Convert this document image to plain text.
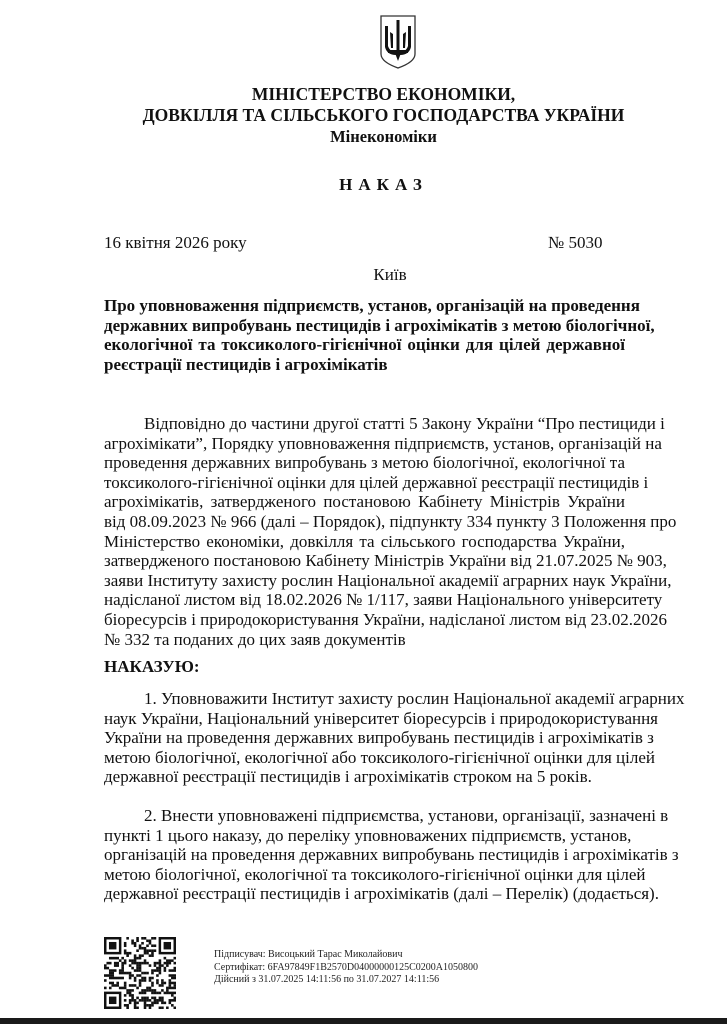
МІНІСТЕРСТВО ЕКОНОМІКИ,
ДОВКІЛЛЯ ТА СІЛЬСЬКОГО ГОСПОДАРСТВА УКРАЇНИ
Мінекономіки
НАКАЗ
16 квітня 2026 року	№ 5030
Київ
Про уповноваження підприємств, установ, організацій на проведення
державних випробувань пестицидів і агрохімікатів з метою біологічної,
екологічної та токсиколого-гігієнічної оцінки для цілей державної
реєстрації пестицидів і агрохімікатів
Відповідно до частини другої статті 5 Закону України “Про пестициди і
агрохімікати”, Порядку уповноваження підприємств, установ, організацій на
проведення державних випробувань з метою біологічної, екологічної та
токсиколого-гігієнічної оцінки для цілей державної реєстрації пестицидів і
агрохімікатів, затвердженого постановою Кабінету Міністрів України
від 08.09.2023 № 966 (далі – Порядок), підпункту 334 пункту 3 Положення про
Міністерство економіки, довкілля та сільського господарства України,
затвердженого постановою Кабінету Міністрів України від 21.07.2025 № 903,
заяви Інституту захисту рослин Національної академії аграрних наук України,
надісланої листом від 18.02.2026 № 1/117, заяви Національного університету
біоресурсів і природокористування України, надісланої листом від 23.02.2026
№ 332 та поданих до цих заяв документів
НАКАЗУЮ:
1. Уповноважити Інститут захисту рослин Національної академії аграрних
наук України, Національний університет біоресурсів і природокористування
України на проведення державних випробувань пестицидів і агрохімікатів з
метою біологічної, екологічної або токсиколого-гігієнічної оцінки для цілей
державної реєстрації пестицидів і агрохімікатів строком на 5 років.
2. Внести уповноважені підприємства, установи, організації, зазначені в
пункті 1 цього наказу, до переліку уповноважених підприємств, установ,
організацій на проведення державних випробувань пестицидів і агрохімікатів з
метою біологічної, екологічної та токсиколого-гігієнічної оцінки для цілей
державної реєстрації пестицидів і агрохімікатів (далі – Перелік) (додається).
Підписувач: Висоцький Тарас Миколайович
Сертифікат: 6FA97849F1B2570D04000000125C0200A1050800
Дійсний з 31.07.2025 14:11:56 по 31.07.2027 14:11:56
